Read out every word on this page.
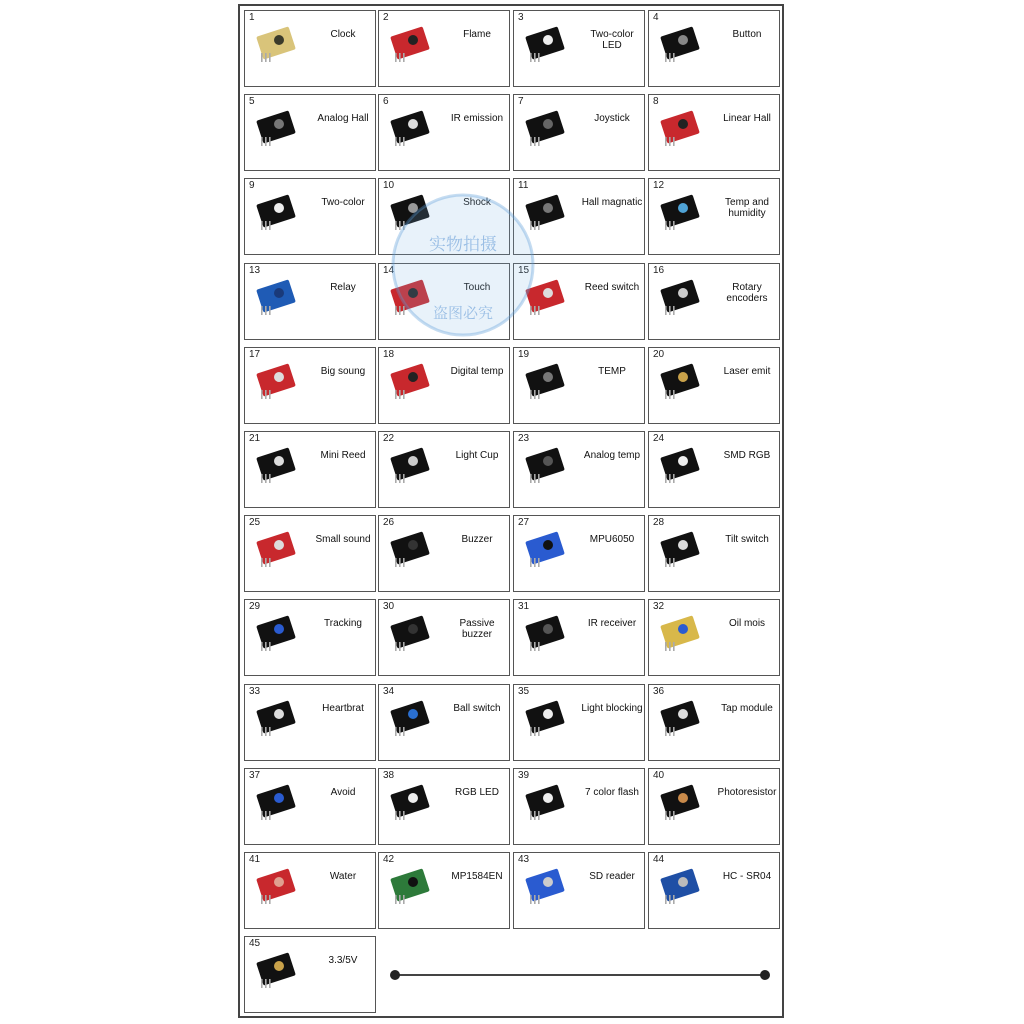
1
Clock
2
Flame
3
Two-color LED
4
Button
5
Analog Hall
6
IR emission
7
Joystick
8
Linear Hall
9
Two-color
10
Shock
11
Hall magnatic
12
Temp and humidity
13
Relay
14
Touch
15
Reed switch
16
Rotary encoders
17
Big soung
18
Digital temp
19
TEMP
20
Laser emit
21
Mini Reed
22
Light Cup
23
Analog temp
24
SMD RGB
25
Small sound
26
Buzzer
27
MPU6050
28
Tilt switch
29
Tracking
30
Passive buzzer
31
IR receiver
32
Oil mois
33
Heartbrat
34
Ball switch
35
Light blocking
36
Tap module
37
Avoid
38
RGB LED
39
7 color flash
40
Photoresistor
41
Water
42
MP1584EN
43
SD reader
44
HC - SR04
45
3.3/5V
实物拍摄
盗图必究
